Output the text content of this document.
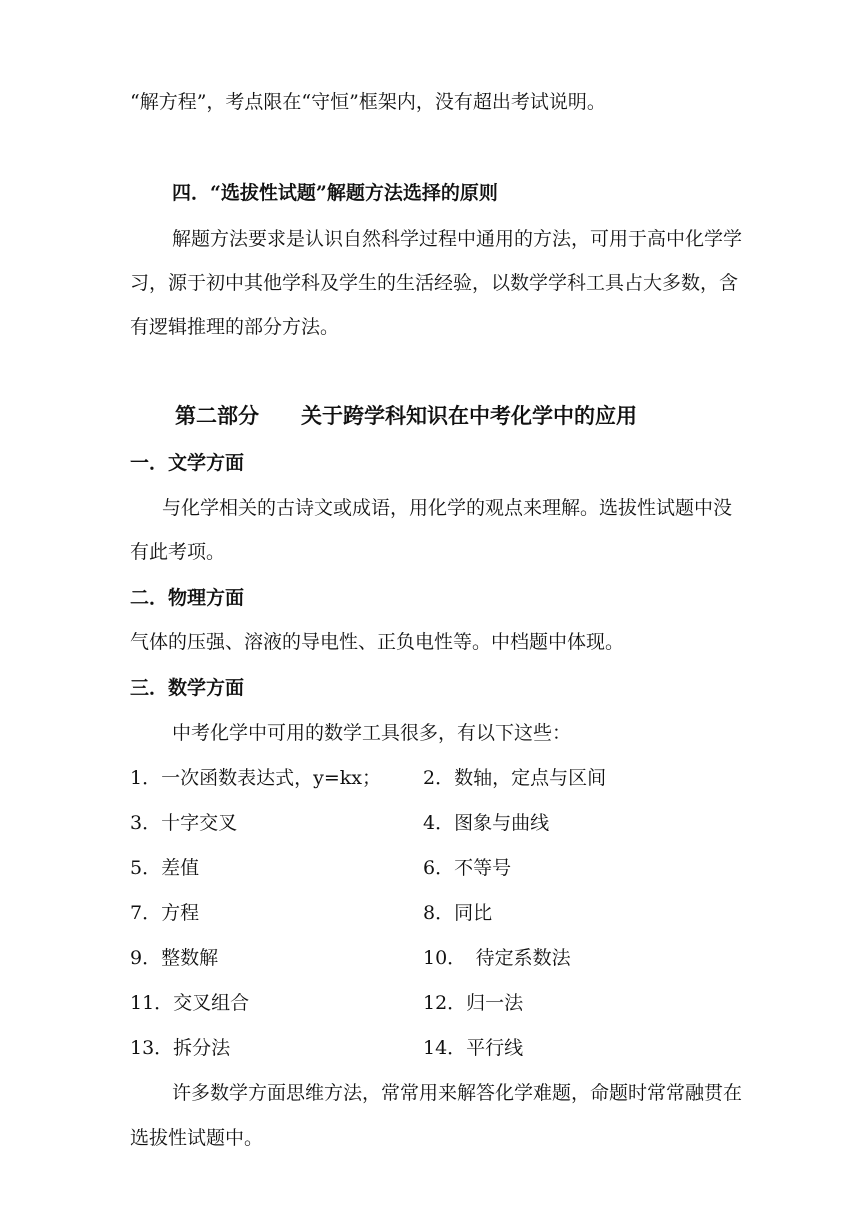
“解方程”，考点限在“守恒”框架内，没有超出考试说明。
四．“选拔性试题”解题方法选择的原则
解题方法要求是认识自然科学过程中通用的方法，可用于高中化学学
习，源于初中其他学科及学生的生活经验，以数学学科工具占大多数，含
有逻辑推理的部分方法。
第二部分　　关于跨学科知识在中考化学中的应用
一．文学方面
与化学相关的古诗文或成语，用化学的观点来理解。选拔性试题中没
有此考项。
二．物理方面
气体的压强、溶液的导电性、正负电性等。中档题中体现。
三．数学方面
中考化学中可用的数学工具很多，有以下这些：
1．一次函数表达式，y=kx； 2．数轴，定点与区间
3．十字交叉	4．图象与曲线
5．差值	6．不等号
7．方程	8．同比
9．整数解	10．　待定系数法
11．交叉组合	12．归一法
13．拆分法	14．平行线
许多数学方面思维方法，常常用来解答化学难题，命题时常常融贯在
选拔性试题中。
